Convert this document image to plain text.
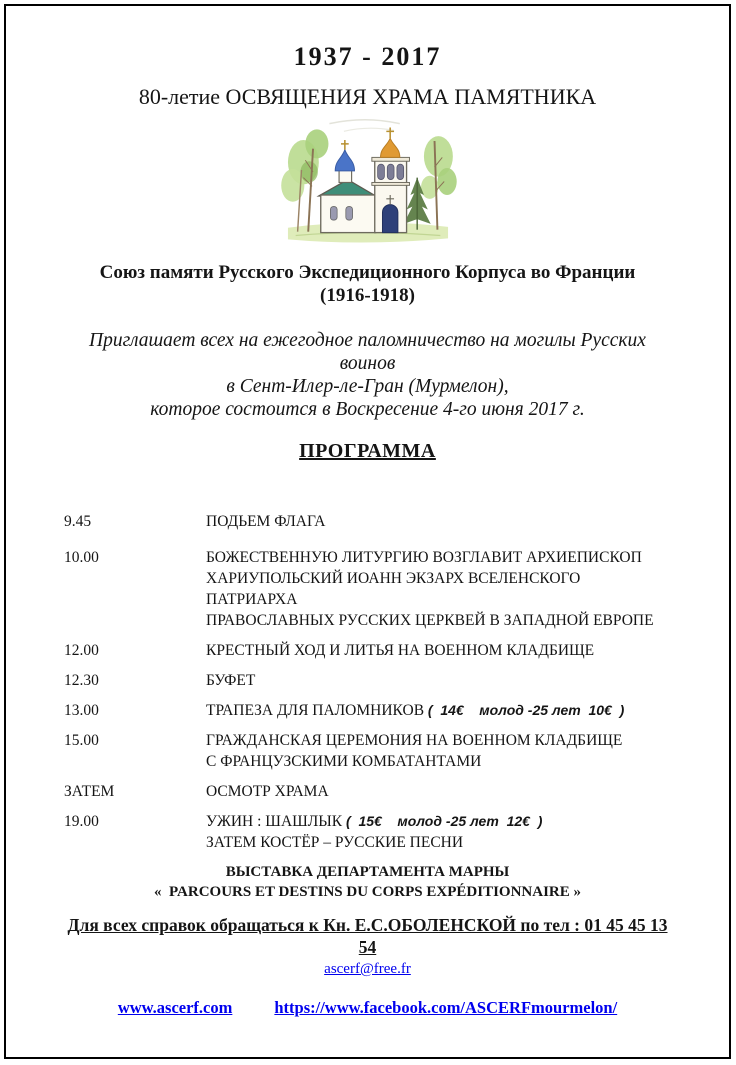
1937 - 2017
80-летие ОСВЯЩЕНИЯ ХРАМА ПАМЯТНИКА
Союз памяти Русского Экспедиционного Корпуса во Франции
(1916-1918)
Приглашает всех на ежегодное паломничество на могилы Русских воинов
в Сент-Илер-ле-Гран (Мурмелон),
которое состоится в Воскресение 4-го июня 2017 г.
ПРОГРАММА
9.45	ПОДЬЕМ ФЛАГА
10.00	БОЖЕСТВЕННУЮ ЛИТУРГИЮ ВОЗГЛАВИТ АРХИЕПИСКОП
ХАРИУПОЛЬСКИЙ ИОАНН ЭКЗАРХ ВСЕЛЕНСКОГО ПАТРИАРХА
ПРАВОСЛАВНЫХ РУССКИХ ЦЕРКВЕЙ В ЗАПАДНОЙ ЕВРОПЕ
12.00	КРЕСТНЫЙ ХОД И ЛИТЬЯ НА ВОЕННОМ КЛАДБИЩЕ
12.30	БУФЕТ
13.00	ТРАПЕЗА ДЛЯ ПАЛОМНИКОВ (  14€    молод -25 лет  10€  )
15.00	ГРАЖДАНСКАЯ ЦЕРЕМОНИЯ НА ВОЕННОМ КЛАДБИЩЕ
С ФРАНЦУЗСКИМИ КОМБАТАНТАМИ
ЗАТЕМ	ОСМОТР ХРАМА
19.00	УЖИН : ШАШЛЫК (  15€    молод -25 лет  12€  )
ЗАТЕМ КОСТЁР – РУССКИЕ ПЕСНИ
ВЫСТАВКА ДЕПАРТАМЕНТА МАРНЫ
«  PARCOURS ET DESTINS DU CORPS EXPÉDITIONNAIRE »
Для всех справок обращаться к Кн. Е.С.ОБОЛЕНСКОЙ по тел : 01 45 45 13 54
ascerf@free.fr
www.ascerf.com	https://www.facebook.com/ASCERFmourmelon/
